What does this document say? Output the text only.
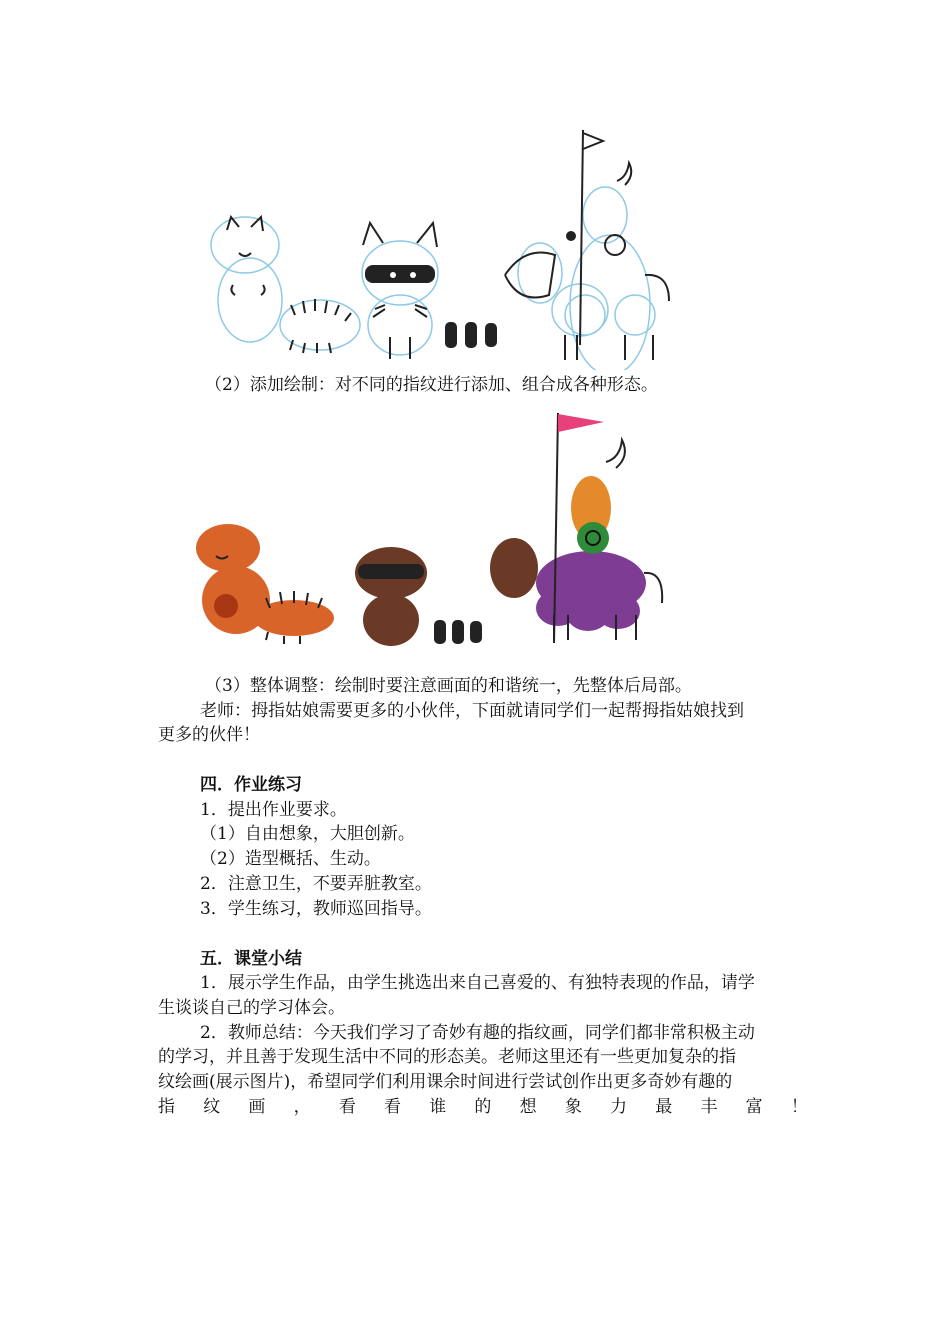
（2）添加绘制：对不同的指纹进行添加、组合成各种形态。
（3）整体调整：绘制时要注意画面的和谐统一，先整体后局部。
老师：拇指姑娘需要更多的小伙伴，下面就请同学们一起帮拇指姑娘找到
更多的伙伴！
四．作业练习
1．提出作业要求。
（1）自由想象，大胆创新。
（2）造型概括、生动。
2．注意卫生，不要弄脏教室。
3．学生练习，教师巡回指导。
五．课堂小结
1．展示学生作品，由学生挑选出来自己喜爱的、有独特表现的作品，请学
生谈谈自己的学习体会。
2．教师总结：今天我们学习了奇妙有趣的指纹画，同学们都非常积极主动
的学习，并且善于发现生活中不同的形态美。老师这里还有一些更加复杂的指
纹绘画(展示图片)，希望同学们利用课余时间进行尝试创作出更多奇妙有趣的
指 纹 画 ， 看 看 谁 的 想 象 力 最 丰 富 ！
